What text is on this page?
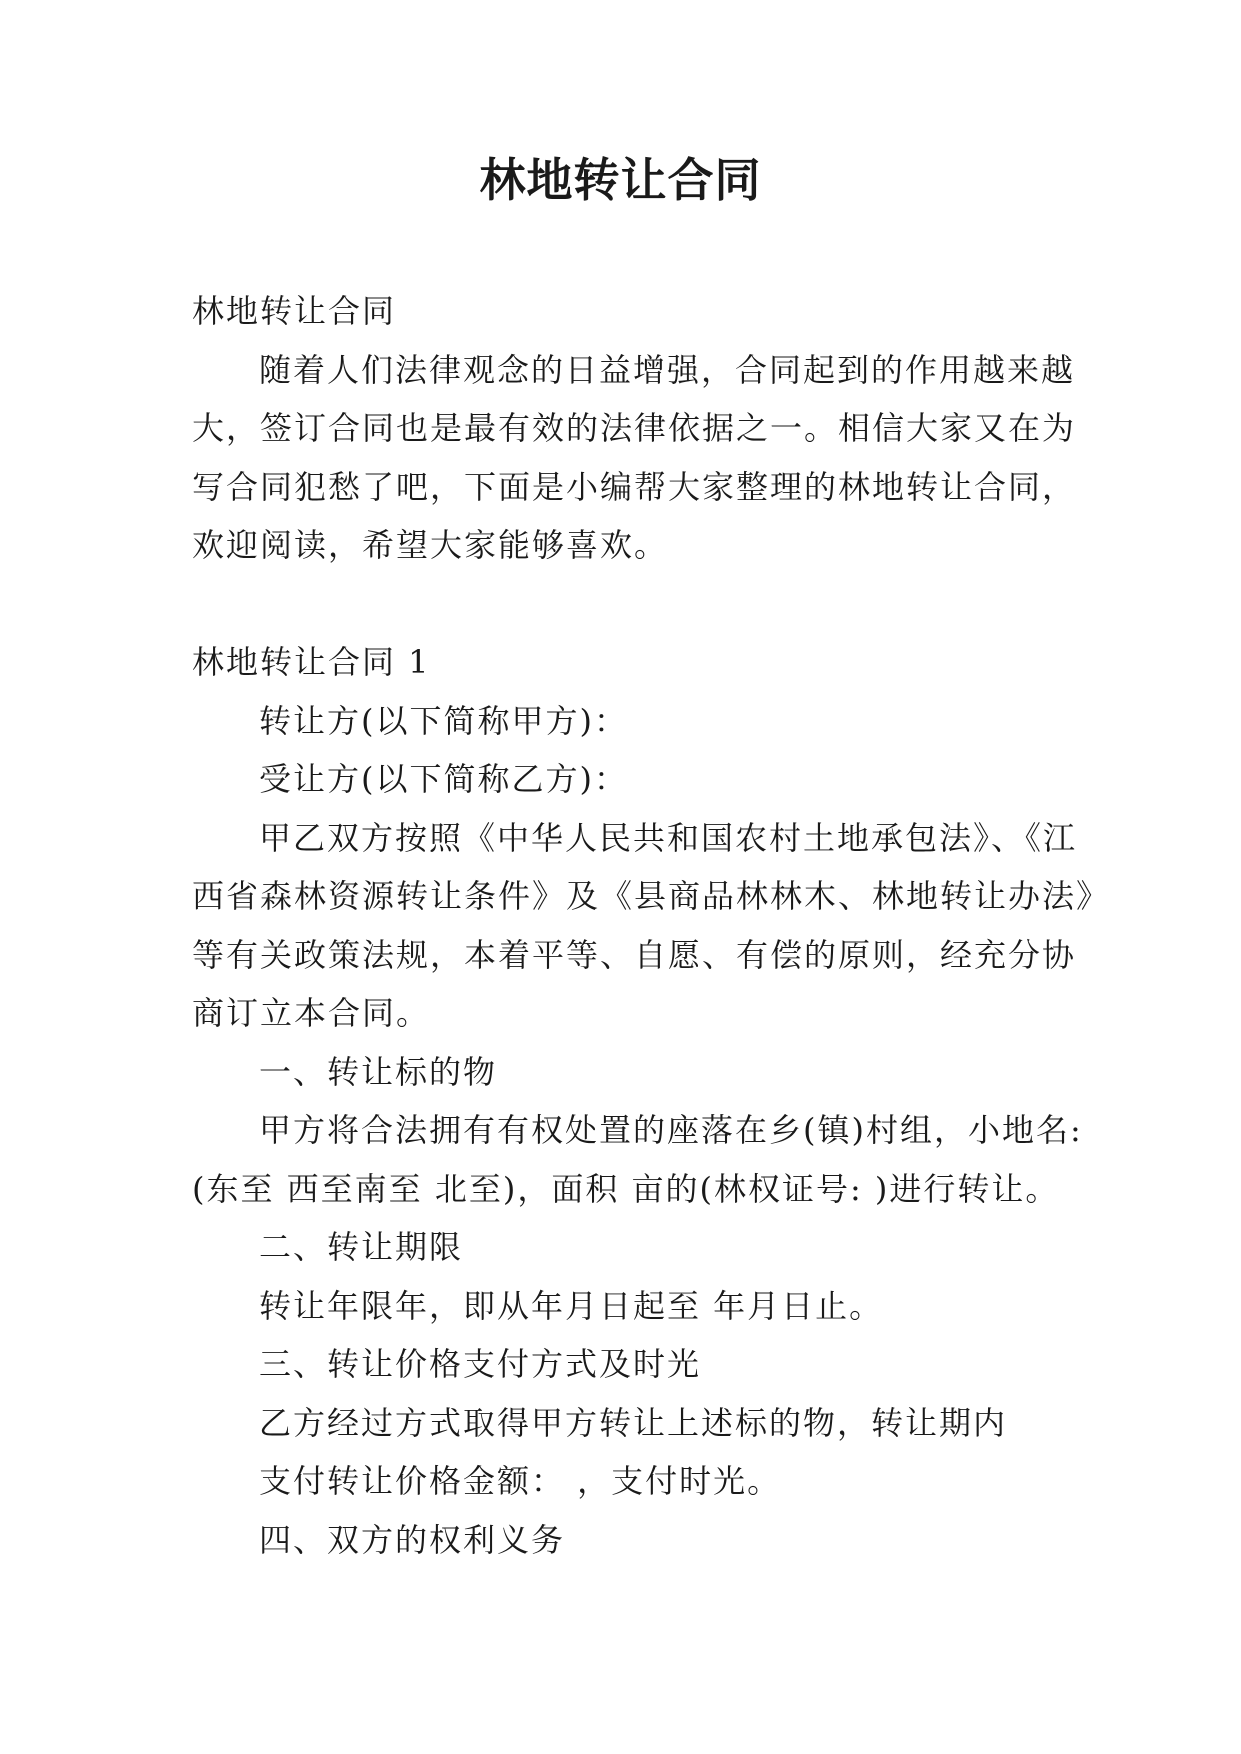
林地转让合同

林地转让合同

随着人们法律观念的日益增强，合同起到的作用越来越

大，签订合同也是最有效的法律依据之一。相信大家又在为

写合同犯愁了吧，下面是小编帮大家整理的林地转让合同，

欢迎阅读，希望大家能够喜欢。

林地转让合同 1

转让方(以下简称甲方)：

受让方(以下简称乙方)：

甲乙双方按照《中华人民共和国农村土地承包法》、《江

西省森林资源转让条件》及《县商品林林木、林地转让办法》

等有关政策法规，本着平等、自愿、有偿的原则，经充分协

商订立本合同。

一、转让标的物

甲方将合法拥有有权处置的座落在乡(镇)村组，小地名:

(东至 西至南至 北至)，面积 亩的(林权证号: )进行转让。

二、转让期限

转让年限年，即从年月日起至 年月日止。

三、转让价格支付方式及时光

乙方经过方式取得甲方转让上述标的物，转让期内

支付转让价格金额： ，支付时光。

四、双方的权利义务
